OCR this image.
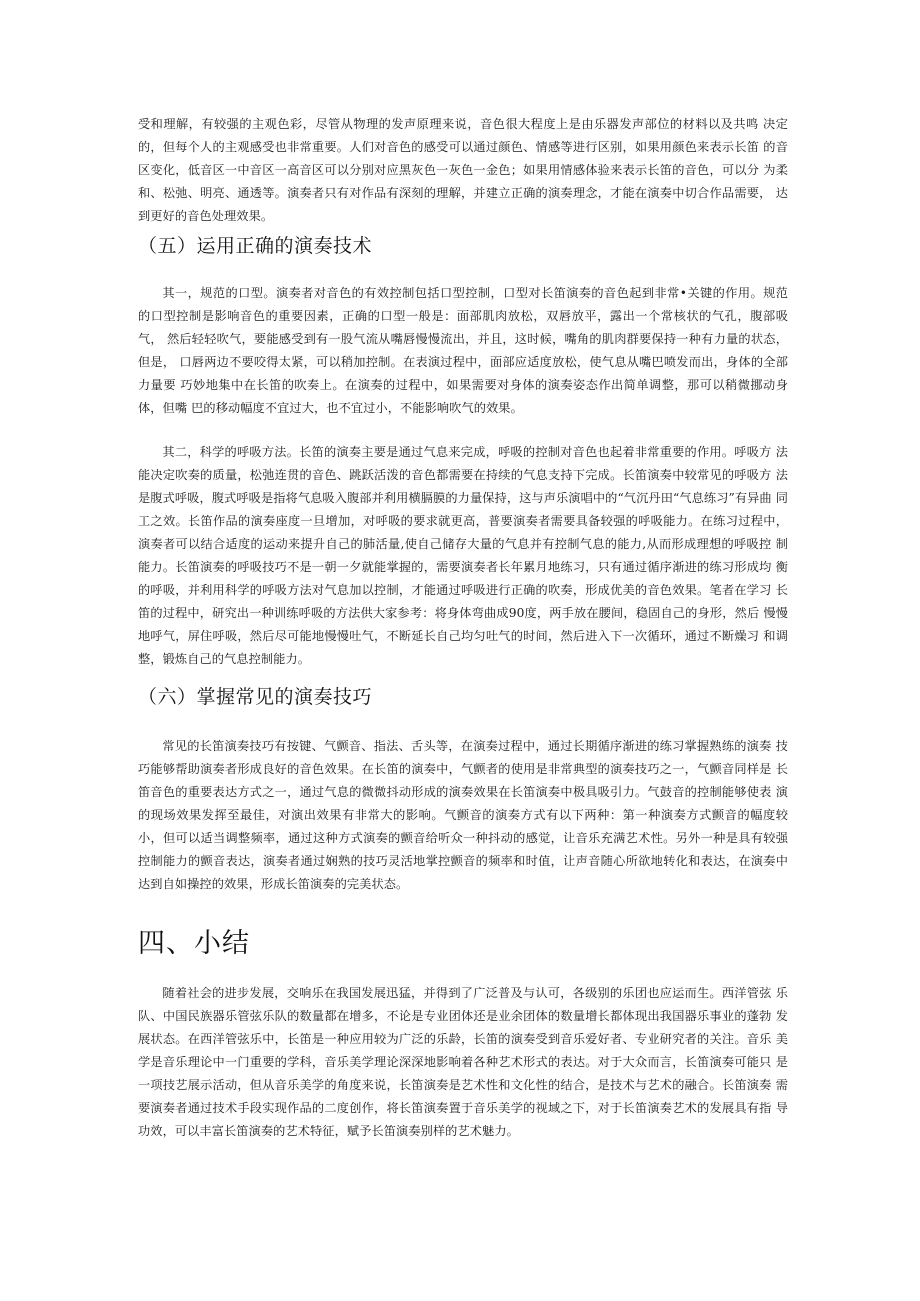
受和理解，有较强的主观色彩，尽管从物理的发声原理来说，音色很大程度上是由乐器发声部位的材料以及共鸣 决定的，但每个人的主观感受也非常重要。人们对音色的感受可以通过颜色、情感等进行区别，如果用颜色来表示长笛 的音区变化，低音区一中音区一高音区可以分别对应黑灰色一灰色一金色；如果用情感体验来表示长笛的音色，可以分 为柔和、松弛、明亮、通透等。演奏者只有对作品有深刻的理解，并建立正确的演奏理念，才能在演奏中切合作品需要， 达到更好的音色处理效果。

（五）运用正确的演奏技术

其一，规范的口型。演奏者对音色的有效控制包括口型控制，口型对长笛演奏的音色起到非常•关键的作用。规范 的口型控制是影响音色的重要因素，正确的口型一般是：面部肌肉放松，双唇放平，露出一个常核状的气孔，腹部吸气， 然后轻轻吹气，要能感受到有一股气流从嘴唇慢慢流出，并且，这时候，嘴角的肌肉群要保持一种有力量的状态，但是， 口唇两边不要咬得太紧，可以稍加控制。在表演过程中，面部应适度放松，使气息从嘴巴喷发而出，身体的全部力量要 巧妙地集中在长笛的吹奏上。在演奏的过程中，如果需要对身体的演奏姿态作出简单调整，那可以稍微挪动身体，但嘴 巴的移动幅度不宜过大，也不宜过小，不能影响吹气的效果。

其二，科学的呼吸方法。长笛的演奏主要是通过气息来完成，呼吸的控制对音色也起着非常重要的作用。呼吸方 法能决定吹奏的质量，松弛连贯的音色、跳跃活泼的音色都需要在持续的气息支持下完成。长笛演奏中较常见的呼吸方 法是腹式呼吸，腹式呼吸是指将气息吸入腹部并利用横膈膜的力量保持，这与声乐演唱中的“气沉丹田“气息练习”有异曲 同工之效。长笛作品的演奏座度一旦增加，对呼吸的要求就更高，普要演奏者需要具备较强的呼吸能力。在练习过程中， 演奏者可以结合适度的运动来提升自己的肺活量,使自己储存大量的气息并有控制气息的能力,从而形成理想的呼吸控 制能力。长笛演奏的呼吸技巧不是一朝一夕就能掌握的，需要演奏者长年累月地练习，只有通过循序渐进的练习形成均 衡的呼吸，并利用科学的呼吸方法对气息加以控制，才能通过呼吸进行正确的吹奏，形成优美的音色效果。笔者在学习 长笛的过程中，研究出一种训练呼吸的方法供大家参考：将身体弯曲成90度，两手放在腰间，稳固自己的身形，然后 慢慢地呼气，屏住呼吸，然后尽可能地慢慢吐气，不断延长自己均匀吐气的时间，然后进入下一次循环，通过不断燥习 和调整，锻炼自己的气息控制能力。

（六）掌握常见的演奏技巧

常见的长笛演奏技巧有按键、气颤音、指法、舌头等，在演奏过程中，通过长期循序渐进的练习掌握熟练的演奏 技巧能够帮助演奏者形成良好的音色效果。在长笛的演奏中，气颤者的使用是非常典型的演奏技巧之一，气颤音同样是 长笛音色的重要表达方式之一，通过气息的微微抖动形成的演奏效果在长笛演奏中极具吸引力。气鼓音的控制能够使表 演的现场效果发挥至最佳，对演出效果有非常大的影响。气颤音的演奏方式有以下两种：第一种演奏方式颤音的幅度较 小，但可以适当调整频率，通过这种方式演奏的颤音给听众一种抖动的感觉，让音乐充满艺术性。另外一种是具有较强 控制能力的颤音表达，演奏者通过娴熟的技巧灵活地掌控颤音的频率和时值，让声音随心所欲地转化和表达，在演奏中 达到自如操控的效果，形成长笛演奏的完美状态。

四、小结

随着社会的进步发展，交响乐在我国发展迅猛，并得到了广泛普及与认可，各级别的乐团也应运而生。西洋管弦 乐队、中国民族器乐管弦乐队的数量都在增多，不论是专业团体还是业余团体的数量增长都体现出我国器乐事业的蓬勃 发展状态。在西洋管弦乐中，长笛是一种应用较为广泛的乐龄，长笛的演奏受到音乐爱好者、专业研究者的关注。音乐 美学是音乐理论中一门重要的学科，音乐美学理论深深地影响着各种艺术形式的表达。对于大众而言，长笛演奏可能只 是一项技艺展示活动，但从音乐美学的角度来说，长笛演奏是艺术性和文化性的结合，是技术与艺术的融合。长笛演奏 需要演奏者通过技术手段实现作品的二度创作，将长笛演奏置于音乐美学的视域之下，对于长笛演奏艺术的发展具有指 导功效，可以丰富长笛演奏的艺术特征，赋予长笛演奏别样的艺术魅力。
